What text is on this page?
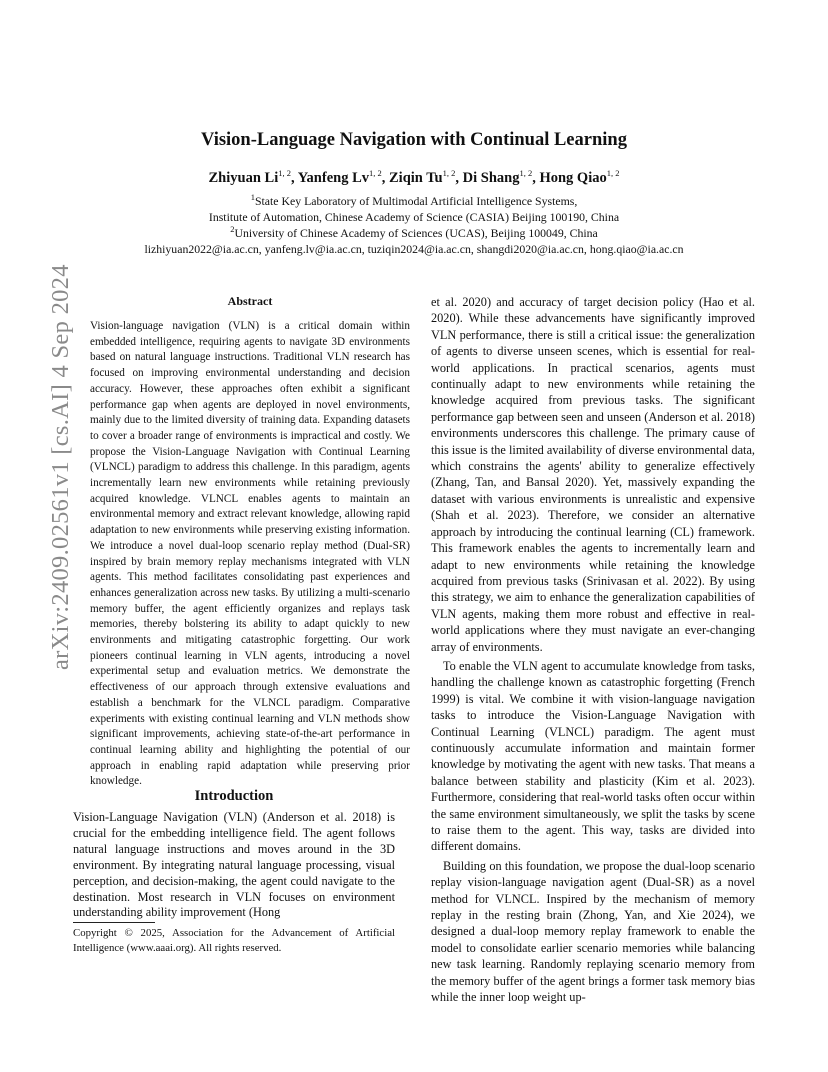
Vision-Language Navigation with Continual Learning
Zhiyuan Li$^{1, 2}$, Yanfeng Lv$^{1, 2}$, Ziqin Tu$^{1, 2}$, Di Shang$^{1, 2}$, Hong Qiao$^{1, 2}$
$^1$State Key Laboratory of Multimodal Artificial Intelligence Systems,
Institute of Automation, Chinese Academy of Science (CASIA) Beijing 100190, China
$^2$University of Chinese Academy of Sciences (UCAS), Beijing 100049, China
lizhiyuan2022@ia.ac.cn, yanfeng.lv@ia.ac.cn, tuziqin2024@ia.ac.cn, shangdi2020@ia.ac.cn, hong.qiao@ia.ac.cn
arXiv:2409.02561v1 [cs.AI] 4 Sep 2024	Abstract

Vision-language navigation (VLN) is a critical domain within embedded intelligence, requiring agents to navigate 3D environments based on natural language instructions. Traditional VLN research has focused on improving environmental understanding and decision accuracy. However, these approaches often exhibit a significant performance gap when agents are deployed in novel environments, mainly due to the limited diversity of training data. Expanding datasets to cover a broader range of environments is impractical and costly. We propose the Vision-Language Navigation with Continual Learning (VLNCL) paradigm to address this challenge. In this paradigm, agents incrementally learn new environments while retaining previously acquired knowledge. VLNCL enables agents to maintain an environmental memory and extract relevant knowledge, allowing rapid adaptation to new environments while preserving existing information. We introduce a novel dual-loop scenario replay method (Dual-SR) inspired by brain memory replay mechanisms integrated with VLN agents. This method facilitates consolidating past experiences and enhances generalization across new tasks. By utilizing a multi-scenario memory buffer, the agent efficiently organizes and replays task memories, thereby bolstering its ability to adapt quickly to new environments and mitigating catastrophic forgetting. Our work pioneers continual learning in VLN agents, introducing a novel experimental setup and evaluation metrics. We demonstrate the effectiveness of our approach through extensive evaluations and establish a benchmark for the VLNCL paradigm. Comparative experiments with existing continual learning and VLN methods show significant improvements, achieving state-of-the-art performance in continual learning ability and highlighting the potential of our approach in enabling rapid adaptation while preserving prior knowledge.

Introduction

Vision-Language Navigation (VLN) (Anderson et al. 2018) is crucial for the embedding intelligence field. The agent follows natural language instructions and moves around in the 3D environment. By integrating natural language processing, visual perception, and decision-making, the agent could navigate to the destination. Most research in VLN focuses on environment understanding ability improvement (Hong

Copyright © 2025, Association for the Advancement of Artificial Intelligence (www.aaai.org). All rights reserved.

et al. 2020) and accuracy of target decision policy (Hao et al. 2020). While these advancements have significantly improved VLN performance, there is still a critical issue: the generalization of agents to diverse unseen scenes, which is essential for real-world applications. In practical scenarios, agents must continually adapt to new environments while retaining the knowledge acquired from previous tasks. The significant performance gap between seen and unseen (Anderson et al. 2018) environments underscores this challenge. The primary cause of this issue is the limited availability of diverse environmental data, which constrains the agents' ability to generalize effectively (Zhang, Tan, and Bansal 2020). Yet, massively expanding the dataset with various environments is unrealistic and expensive (Shah et al. 2023). Therefore, we consider an alternative approach by introducing the continual learning (CL) framework. This framework enables the agents to incrementally learn and adapt to new environments while retaining the knowledge acquired from previous tasks (Srinivasan et al. 2022). By using this strategy, we aim to enhance the generalization capabilities of VLN agents, making them more robust and effective in real-world applications where they must navigate an ever-changing array of environments.

To enable the VLN agent to accumulate knowledge from tasks, handling the challenge known as catastrophic forgetting (French 1999) is vital. We combine it with vision-language navigation tasks to introduce the Vision-Language Navigation with Continual Learning (VLNCL) paradigm. The agent must continuously accumulate information and maintain former knowledge by motivating the agent with new tasks. That means a balance between stability and plasticity (Kim et al. 2023). Furthermore, considering that real-world tasks often occur within the same environment simultaneously, we split the tasks by scene to raise them to the agent. This way, tasks are divided into different domains.

Building on this foundation, we propose the dual-loop scenario replay vision-language navigation agent (Dual-SR) as a novel method for VLNCL. Inspired by the mechanism of memory replay in the resting brain (Zhong, Yan, and Xie 2024), we designed a dual-loop memory replay framework to enable the model to consolidate earlier scenario memories while balancing new task learning. Randomly replaying scenario memory from the memory buffer of the agent brings a former task memory bias while the inner loop weight up-
